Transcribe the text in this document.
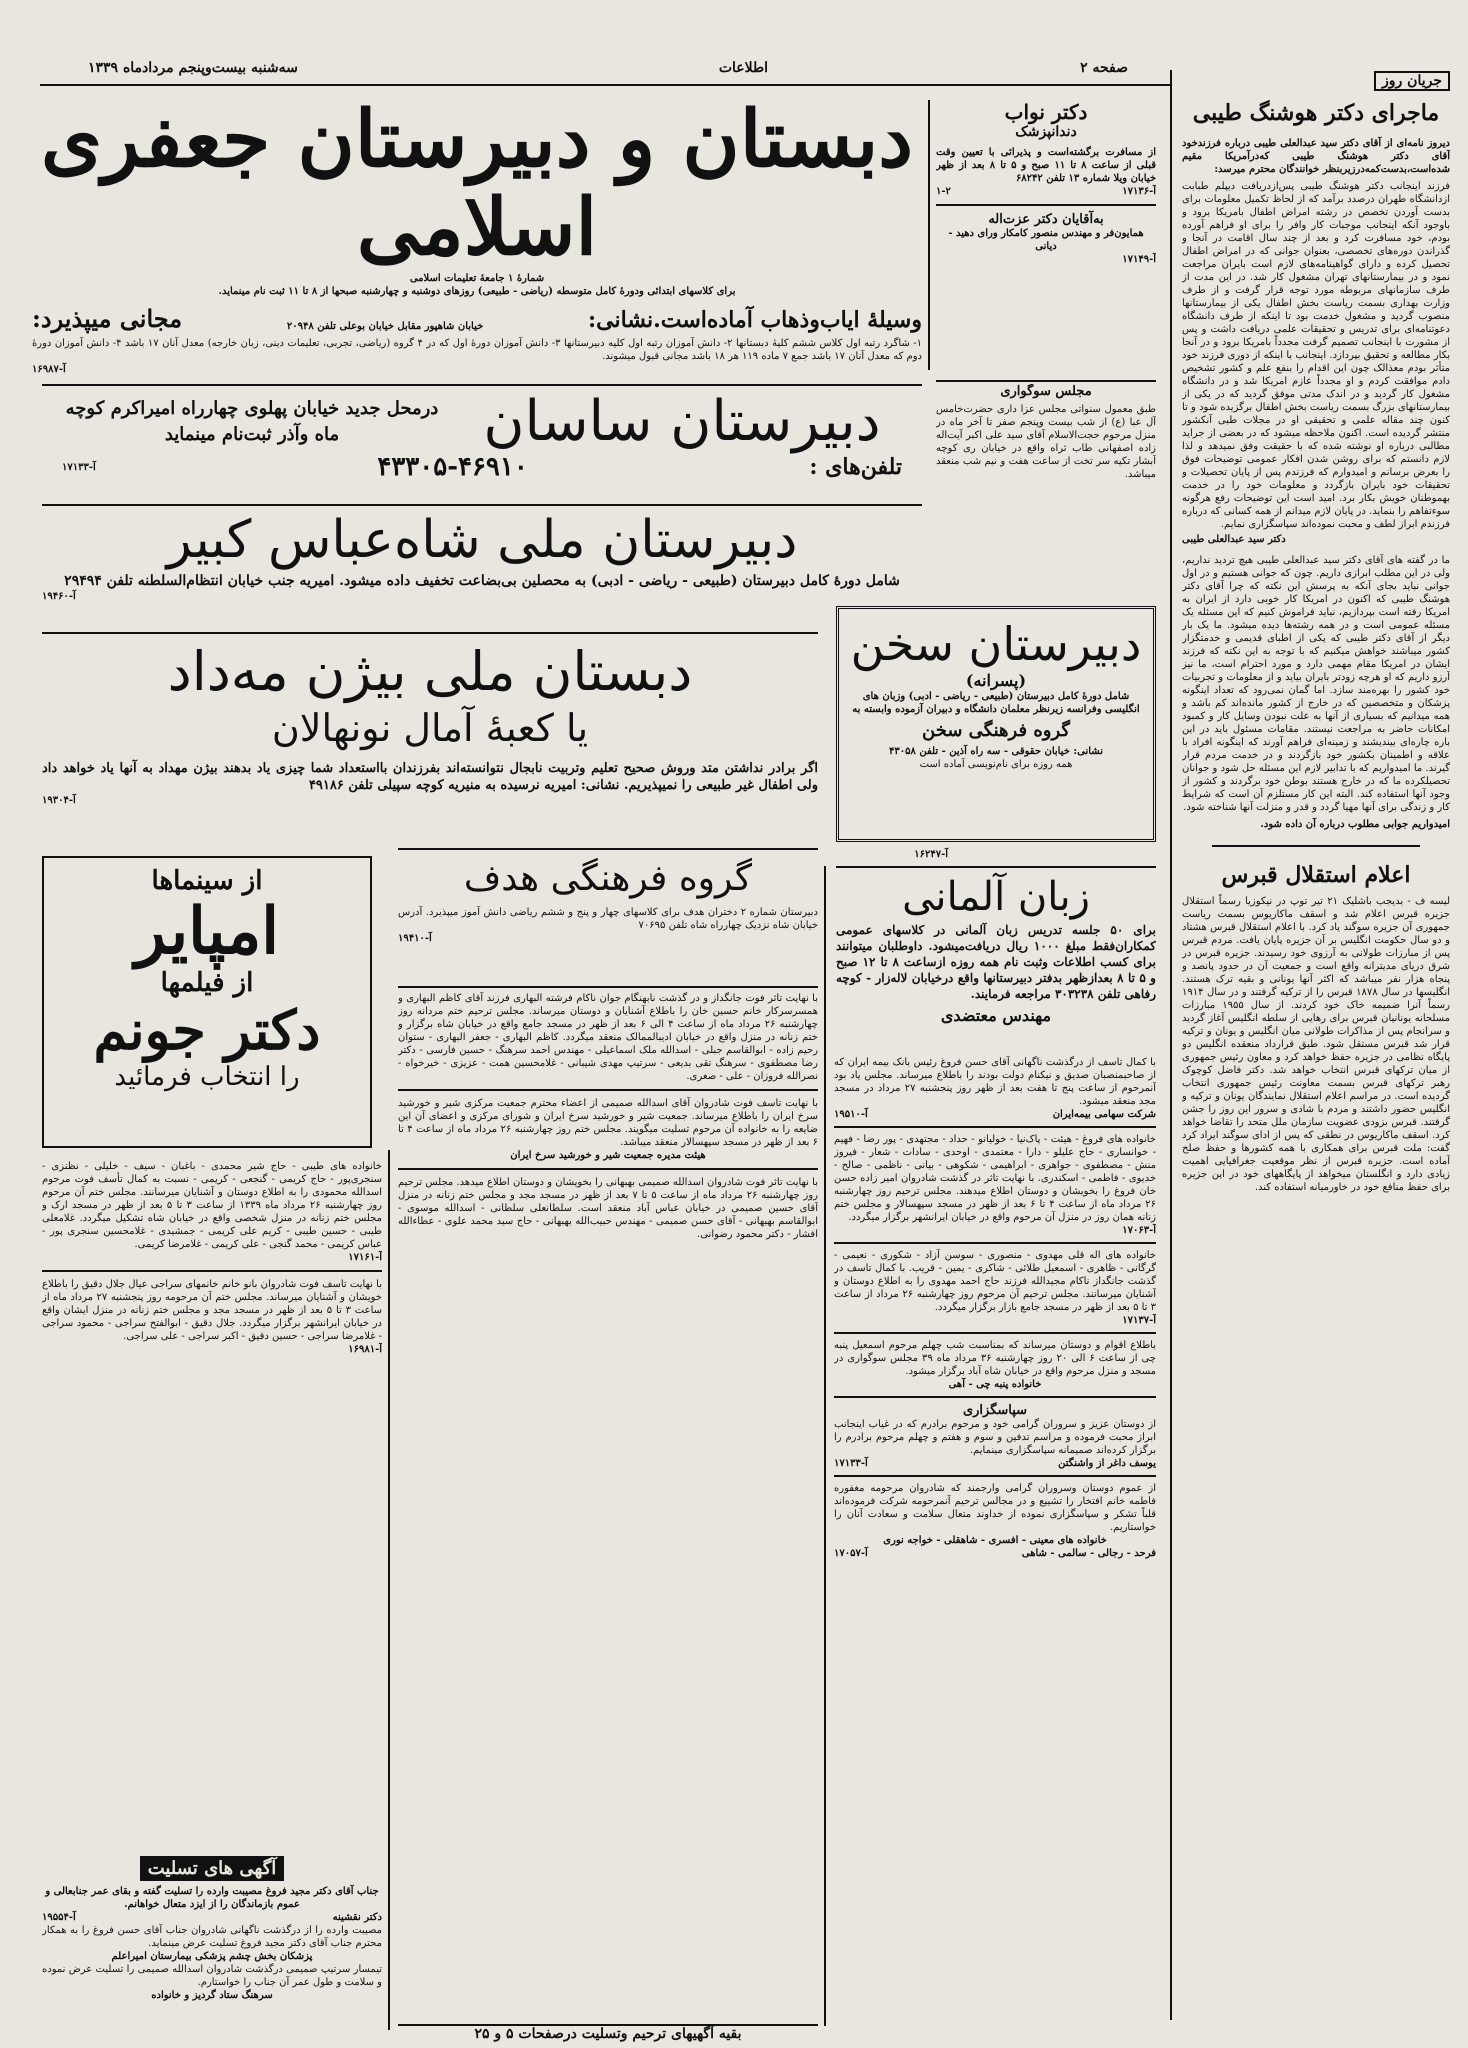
صفحه ۲
اطلاعات
سه‌شنبه بیست‌وپنجم مردادماه ۱۳۳۹
جریان روز
ماجرای دکتر هوشنگ طیبی

دیروز نامه‌ای از آقای دکتر سید عبدالعلی طیبی درباره فرزندخود آقای دکتر هوشنگ طیبی که‌درآمریکا مقیم شده‌است،بدست‌کمه‌درزیر‌بنظر خوانندگان محترم میرسد:

فرزند اینجانب دکتر هوشنگ طیبی پس‌ازدریافت دیپلم طبابت ازدانشگاه طهران درصدد برآمد که از لحاظ تکمیل معلومات برای بدست آوردن تخصص در رشته امراض اطفال بامریکا برود و باوجود آنکه اینجانب موجبات کار وافر را برای او فراهم آورده بودم، خود مسافرت کرد و بعد از چند سال اقامت در آنجا و گذراندن دوره‌های تخصصی، بعنوان جوانی که در امراض اطفال تحصیل کرده و دارای گواهینامه‌های لازم است بایران مراجعت نمود و در بیمارستانهای تهران مشغول کار شد. در این مدت از طرف سازمانهای مربوطه مورد توجه قرار گرفت و از طرف وزارت بهداری بسمت ریاست بخش اطفال یکی از بیمارستانها منصوب گردید و مشغول خدمت بود تا اینکه از طرف دانشگاه دعوتنامه‌ای برای تدریس و تحقیقات علمی دریافت داشت و پس از مشورت با اینجانب تصمیم گرفت مجدداً بامریکا برود و در آنجا بکار مطالعه و تحقیق بپردازد. اینجانب با اینکه از دوری فرزند خود متأثر بودم معذالک چون این اقدام را بنفع علم و کشور تشخیص دادم موافقت کردم و او مجدداً عازم امریکا شد و در دانشگاه مشغول کار گردید و در اندک مدتی موفق گردید که در یکی از بیمارستانهای بزرگ بسمت ریاست بخش اطفال برگزیده شود و تا کنون چند مقاله علمی و تحقیقی او در مجلات طبی آنکشور منتشر گردیده است. اکنون ملاحظه میشود که در بعضی از جراید مطالبی درباره او نوشته شده که با حقیقت وفق نمیدهد و لذا لازم دانستم که برای روشن شدن افکار عمومی توضیحات فوق را بعرض برسانم و امیدوارم که فرزندم پس از پایان تحصیلات و تحقیقات خود بایران بازگردد و معلومات خود را در خدمت بهموطنان خویش بکار برد. امید است این توضیحات رفع هرگونه سوءتفاهم را بنماید. در پایان لازم میدانم از همه کسانی که درباره فرزندم ابراز لطف و محبت نموده‌اند سپاسگزاری نمایم.

دکتر سید عبدالعلی طیبی

ما در گفته های آقای دکتر سید عبدالعلی طیبی هیچ تردید نداریم، ولی در این مطلب ابرازی داریم. چون که جوانی هستیم و در اول جوانی نباید بجای آنکه به پرسش این نکته که چرا آقای دکتر هوشنگ طیبی که اکنون در امریکا کار خوبی دارد از ایران به امریکا رفته است بپردازیم، نباید فراموش کنیم که این مسئله یک مسئله عمومی است و در همه رشته‌ها دیده میشود. ما یک بار دیگر از آقای دکتر طیبی که یکی از اطبای قدیمی و خدمتگزار کشور میباشند خواهش میکنیم که با توجه به این نکته که فرزند ایشان در امریکا مقام مهمی دارد و مورد احترام است، ما نیز آرزو داریم که او هرچه زودتر بایران بیاید و از معلومات و تجربیات خود کشور را بهره‌مند سازد. اما گمان نمی‌رود که تعداد اینگونه پزشکان و متخصصین که در خارج از کشور مانده‌اند کم باشد و همه میدانیم که بسیاری از آنها به علت نبودن وسایل کار و کمبود امکانات حاضر به مراجعت نیستند. مقامات مسئول باید در این باره چاره‌ای بیندیشند و زمینه‌ای فراهم آورند که اینگونه افراد با علاقه و اطمینان بکشور خود بازگردند و در خدمت مردم قرار گیرند. ما امیدواریم که با تدابیر لازم این مسئله حل شود و جوانان تحصیلکرده ما که در خارج هستند بوطن خود برگردند و کشور از وجود آنها استفاده کند. البته این کار مستلزم آن است که شرایط کار و زندگی برای آنها مهیا گردد و قدر و منزلت آنها شناخته شود.

امیدواریم جوابی مطلوب درباره آن داده شود.

اعلام استقلال قبرس

لیسه ف - بدیجب باشلیک ۲۱ تیر توپ در نیکوزیا رسماً استقلال جزیره قبرس اعلام شد و اسقف ماکاریوس بسمت ریاست جمهوری آن جزیره سوگند یاد کرد. با اعلام استقلال قبرس هشتاد و دو سال حکومت انگلیس بر آن جزیره پایان یافت. مردم قبرس پس از مبارزات طولانی به آرزوی خود رسیدند. جزیره قبرس در شرق دریای مدیترانه واقع است و جمعیت آن در حدود پانصد و پنجاه هزار نفر میباشد که اکثر آنها یونانی و بقیه ترک هستند. انگلیسها در سال ۱۸۷۸ قبرس را از ترکیه گرفتند و در سال ۱۹۱۴ رسماً آنرا ضمیمه خاک خود کردند. از سال ۱۹۵۵ مبارزات مسلحانه یونانیان قبرس برای رهایی از سلطه انگلیس آغاز گردید و سرانجام پس از مذاکرات طولانی میان انگلیس و یونان و ترکیه قرار شد قبرس مستقل شود. طبق قرارداد منعقده انگلیس دو پایگاه نظامی در جزیره حفظ خواهد کرد و معاون رئیس جمهوری از میان ترکهای قبرس انتخاب خواهد شد. دکتر فاضل کوچوک رهبر ترکهای قبرس بسمت معاونت رئیس جمهوری انتخاب گردیده است. در مراسم اعلام استقلال نمایندگان یونان و ترکیه و انگلیس حضور داشتند و مردم با شادی و سرور این روز را جشن گرفتند. قبرس بزودی عضویت سازمان ملل متحد را تقاضا خواهد کرد. اسقف ماکاریوس در نطقی که پس از ادای سوگند ایراد کرد گفت: ملت قبرس برای همکاری با همه کشورها و حفظ صلح آماده است. جزیره قبرس از نظر موقعیت جغرافیایی اهمیت زیادی دارد و انگلستان میخواهد از پایگاههای خود در این جزیره برای حفظ منافع خود در خاورمیانه استفاده کند.

دکتر نواب
دندانپزشک

از مسافرت برگشته‌است و پذیرائی با تعیین وقت قبلی از ساعت ۸ تا ۱۱ صبح و ۵ تا ۸ بعد از ظهر خیابان ویلا شماره ۱۳ تلفن ۶۸۲۴۲

آ-۱۷۱۳۶
۱-۲
به‌آقایان دکتر عزت‌اله

همایون‌فر و مهندس منصور کامکار ورای دهید - دیانی

آ-۱۷۱۴۹
دبستان و دبیرستان جعفری اسلامی
شمارهٔ ۱ جامعهٔ تعلیمات اسلامی

برای کلاسهای ابتدائی ودورهٔ کامل متوسطه (ریاضی - طبیعی) روزهای دوشنبه و چهارشنبه صبحها از ۸ تا ۱۱ ثبت نام مینماید.

وسیلهٔ ایاب‌وذهاب آماده‌است.نشانی:
خیابان شاهپور مقابل خیابان بوعلی تلفن ۲۰۹۴۸
مجانی میپذیرد:

۱- شاگرد رتبه اول کلاس ششم کلیهٔ دبستانها ۲- دانش آموزان رتبه اول کلیه دبیرستانها ۳- دانش آموزان دورهٔ اول که در ۴ گروه (ریاضی، تجربی، تعلیمات دینی، زبان خارجه) معدل آنان ۱۷ باشد ۴- دانش آموزان دورهٔ دوم که معدل آنان ۱۷ باشد جمع ۷ ماده ۱۱۹ هر ۱۸ باشد مجانی قبول میشوند.

آ-۱۶۹۸۷
مجلس سوگواری

طبق معمول سنواتی مجلس عزا داری حضرت‌خامس آل عبا (ع) از شب بیست وپنجم صفر تا آخر ماه در منزل مرحوم حجت‌الاسلام آقای سید علی اکبر آیت‌اله زاده اصفهانی طاب ثراه واقع در خیابان ری کوچه آبشار تکیه سر تخت از ساعت هفت و نیم شب منعقد میباشد.

دبیرستان ساسان
درمحل جدید خیابان پهلوی چهارراه امیراکرم کوچه ماه وآذر ثبت‌نام مینماید
تلفن‌های :
۴۳۳۰۵-۴۶۹۱۰
آ-۱۷۱۳۳
دبیرستان ملی شاه‌عباس کبیر

شامل دورهٔ کامل دبیرستان (طبیعی - ریاضی - ادبی) به محصلین بی‌بضاعت تخفیف داده میشود. امیریه جنب خیابان انتظام‌السلطنه تلفن ۲۹۴۹۴

آ-۱۹۴۶۰
دبیرستان سخن
(پسرانه)

شامل دورهٔ کامل دبیرستان (طبیعی - ریاضی - ادبی) وزبان های انگلیسی وفرانسه زیرنظر معلمان دانشگاه و دبیران آزموده وابسته به

گروه فرهنگی سخن

نشانی: خیابان حقوقی - سه راه آذین - تلفن ۴۳۰۵۸

همه روزه برای نام‌نویسی آماده است

آ-۱۶۲۴۷
دبستان ملی بیژن مه‌داد
یا کعبهٔ آمال نونهالان

اگر برادر نداشتن متد وروش صحیح تعلیم وتربیت نابجال نتوانسته‌اند بفرزندان بااستعداد شما چیزی یاد بدهند بیژن مهداد به آنها یاد خواهد داد ولی اطفال غیر طبیعی را نمیپذیریم. نشانی: امیریه نرسیده به منیریه کوچه سپیلی تلفن ۴۹۱۸۶

آ-۱۹۳۰۴
زبان آلمانی

برای ۵۰ جلسه تدریس زبان آلمانی در کلاسهای عمومی کمکاران‌فقط مبلغ ۱۰۰۰ ریال دریافت‌میشود. داوطلبان میتوانند برای کسب اطلاعات وثبت نام همه روزه ازساعت ۸ تا ۱۲ صبح و ۵ تا ۸ بعدازظهر بدفتر دبیرستانها واقع درخیابان لاله‌زار - کوچه رفاهی تلفن ۳۰۳۲۳۸ مراجعه فرمایند.

مهندس معتضدی
گروه فرهنگی هدف

دبیرستان شماره ۲ دختران هدف برای کلاسهای چهار و پنج و ششم ریاضی دانش آموز میپذیرد. آدرس خیابان شاه نزدیک چهارراه شاه تلفن ۷۰۶۹۵

آ-۱۹۴۱۰
از سینماها
امپایر
از فیلمها
دکتر جونم
را انتخاب فرمائید

با نهایت تاثر فوت جانگداز و در گذشت نابهنگام جوان ناکام فرشته البهاری فرزند آقای کاظم البهاری و همسرسرکار خانم حسین خان را باطلاع آشنایان و دوستان میرساند. مجلس ترحیم ختم مردانه روز چهارشنبه ۲۶ مرداد ماه از ساعت ۴ الی ۶ بعد از ظهر در مسجد جامع واقع در خیابان شاه برگزار و ختم زنانه در منزل واقع در خیابان ادیبالممالک منعقد میگردد. کاظم البهاری - جعفر البهاری - ستوان رحیم زاده - ابوالقاسم جبلی - اسدالله ملک اسماعیلی - مهندس احمد سرهنگ - حسین فارسی - دکتر رضا مصطفوی - سرهنگ تقی بدیعی - سرتیپ مهدی شیبانی - غلامحسین همت - عزیزی - خیرخواه - نصرالله فروزان - علی - صغری.

با نهایت تاسف فوت شادروان آقای اسدالله صمیمی از اعضاء محترم جمعیت مرکزی شیر و خورشید سرخ ایران را باطلاع میرساند. جمعیت شیر و خورشید سرخ ایران و شورای مرکزی و اعضای آن این ضایعه را به خانواده آن مرحوم تسلیت میگویند. مجلس ختم روز چهارشنبه ۲۶ مرداد ماه از ساعت ۴ تا ۶ بعد از ظهر در مسجد سپهسالار منعقد میباشد.

هیئت مدیره جمعیت شیر و خورشید سرخ ایران

با نهایت تاثر فوت شادروان اسدالله صمیمی بهبهانی را بخویشان و دوستان اطلاع میدهد. مجلس ترحیم روز چهارشنبه ۲۶ مرداد ماه از ساعت ۵ تا ۷ بعد از ظهر در مسجد مجد و مجلس ختم زنانه در منزل آقای حسین صمیمی در خیابان عباس آباد منعقد است. سلطانعلی سلطانی - اسدالله موسوی - ابوالقاسم بهبهانی - آقای حسن صمیمی - مهندس حبیب‌الله بهبهانی - حاج سید محمد علوی - عطاءالله افشار - دکتر محمود رضوانی.

با کمال تاسف از درگذشت ناگهانی آقای حسن فروغ رئیس بانک بیمه ایران که از صاحبمنصبان صدیق و نیکنام دولت بودند را باطلاع میرساند. مجلس یاد بود آنمرحوم از ساعت پنج تا هفت بعد از ظهر روز پنجشنبه ۲۷ مرداد در مسجد مجد منعقد میشود.

شرکت سهامی بیمه‌ایران
آ-۱۹۵۱۰

خانواده های فروغ - هیئت - پاک‌نیا - خولیانو - حداد - مجتهدی - پور رضا - فهیم - خوانساری - حاج علیلو - دارا - معتمدی - اوحدی - سادات - شعار - فیروز منش - مصطفوی - جواهری - ابراهیمی - شکوهی - بیانی - ناظمی - صالح - خدیوی - فاطمی - اسکندری. با نهایت تاثر در گذشت شادروان امیر زاده حسن خان فروغ را بخویشان و دوستان اطلاع میدهند. مجلس ترحیم روز چهارشنبه ۲۶ مرداد ماه از ساعت ۴ تا ۶ بعد از ظهر در مسجد سپهسالار و مجلس ختم زنانه همان روز در منزل آن مرحوم واقع در خیابان ایرانشهر برگزار میگردد.

آ-۱۷۰۶۳

خانواده های اله قلی مهدوی - منصوری - سوسن آزاد - شکوری - نعیمی - گرگانی - ظاهری - اسمعیل طلائی - شاکری - یمین - قریب. با کمال تاسف در گذشت جانگداز ناکام مجیدالله فرزند حاج احمد مهدوی را به اطلاع دوستان و آشنایان میرسانند. مجلس ترحیم آن مرحوم روز چهارشنبه ۲۶ مرداد از ساعت ۳ تا ۵ بعد از ظهر در مسجد جامع بازار برگزار میگردد.

آ-۱۷۱۳۷

باطلاع اقوام و دوستان میرساند که بمناسبت شب چهلم مرحوم اسمعیل پنبه چی از ساعت ۶ الی ۲۰ روز چهارشنبه ۳۶ مرداد ماه ۳۹ مجلس سوگواری در مسجد و منزل مرحوم واقع در خیابان شاه آباد برگزار میشود.

خانواده پنبه چی - آهی
سپاسگزاری

از دوستان عزیز و سروران گرامی خود و مرحوم برادرم که در غیاب اینجانب ابراز محبت فرموده و مراسم تدفین و سوم و هفتم و چهلم مرحوم برادرم را برگزار کرده‌اند صمیمانه سپاسگزاری مینمایم.

یوسف داغر از واشنگتن
آ-۱۷۱۳۳

از عموم دوستان وسروران گرامی وارجمند که شادروان مرحومه مغفوره فاطمه خانم افتخار را تشییع و در مجالس ترحیم آنمرحومه شرکت فرموده‌اند قلباً تشکر و سپاسگزاری نموده از خداوند متعال سلامت و سعادت آنان را خواستاریم.

خانواده های معینی - افسری - شاهقلی - خواجه نوری
فرحد - رجالی - سالمی - شاهی
آ-۱۷۰۵۷

خانواده های طیبی - حاج شیر محمدی - باغبان - سیف - خلیلی - نظنزی - سنجری‌پور - حاج کریمی - گنجعی - کریمی - نسبت به کمال تأسف فوت مرحوم اسدالله محمودی را به اطلاع دوستان و آشنایان میرسانند. مجلس ختم آن مرحوم روز چهارشنبه ۲۶ مرداد ماه ۱۳۳۹ از ساعت ۳ تا ۵ بعد از ظهر در مسجد ارک و مجلس ختم زنانه در منزل شخصی واقع در خیابان شاه تشکیل میگردد. غلامعلی طیبی - حسین طیبی - کریم علی کریمی - جمشیدی - غلامحسین سنجری پور - عباس کریمی - محمد گنجی - علی کریمی - غلامرضا کریمی.

آ-۱۷۱۶۱

با نهایت تاسف فوت شادروان بانو خانم خانمهای سراجی عیال جلال دقیق را باطلاع خویشان و آشنایان میرساند. مجلس ختم آن مرحومه روز پنجشنبه ۲۷ مرداد ماه از ساعت ۳ تا ۵ بعد از ظهر در مسجد مجد و مجلس ختم زنانه در منزل ایشان واقع در خیابان ایرانشهر برگزار میگردد. جلال دقیق - ابوالفتح سراجی - محمود سراجی - غلامرضا سراجی - حسین دقیق - اکبر سراجی - علی سراجی.

آ-۱۶۹۸۱
آگهی های تسلیت

جناب آقای دکتر مجید فروغ مصیبت وارده را تسلیت گفته و بقای عمر جنابعالی و عموم بازماندگان را از ایزد متعال خواهانم.

دکتر نقشینه
آ-۱۹۵۵۴

مصیبت وارده را از درگذشت ناگهانی شادروان جناب آقای حسن فروغ را به همکار محترم جناب آقای دکتر مجید فروغ تسلیت عرض مینماید.

پزشکان بخش چشم پزشکی بیمارستان امیراعلم

تیمسار سرتیپ صمیمی درگذشت شادروان اسدالله صمیمی را تسلیت عرض نموده و سلامت و طول عمر آن جناب را خواستارم.

سرهنگ ستاد گردیز و خانواده
بقیه آگهیهای ترحیم وتسلیت درصفحات ۵ و ۲۵
